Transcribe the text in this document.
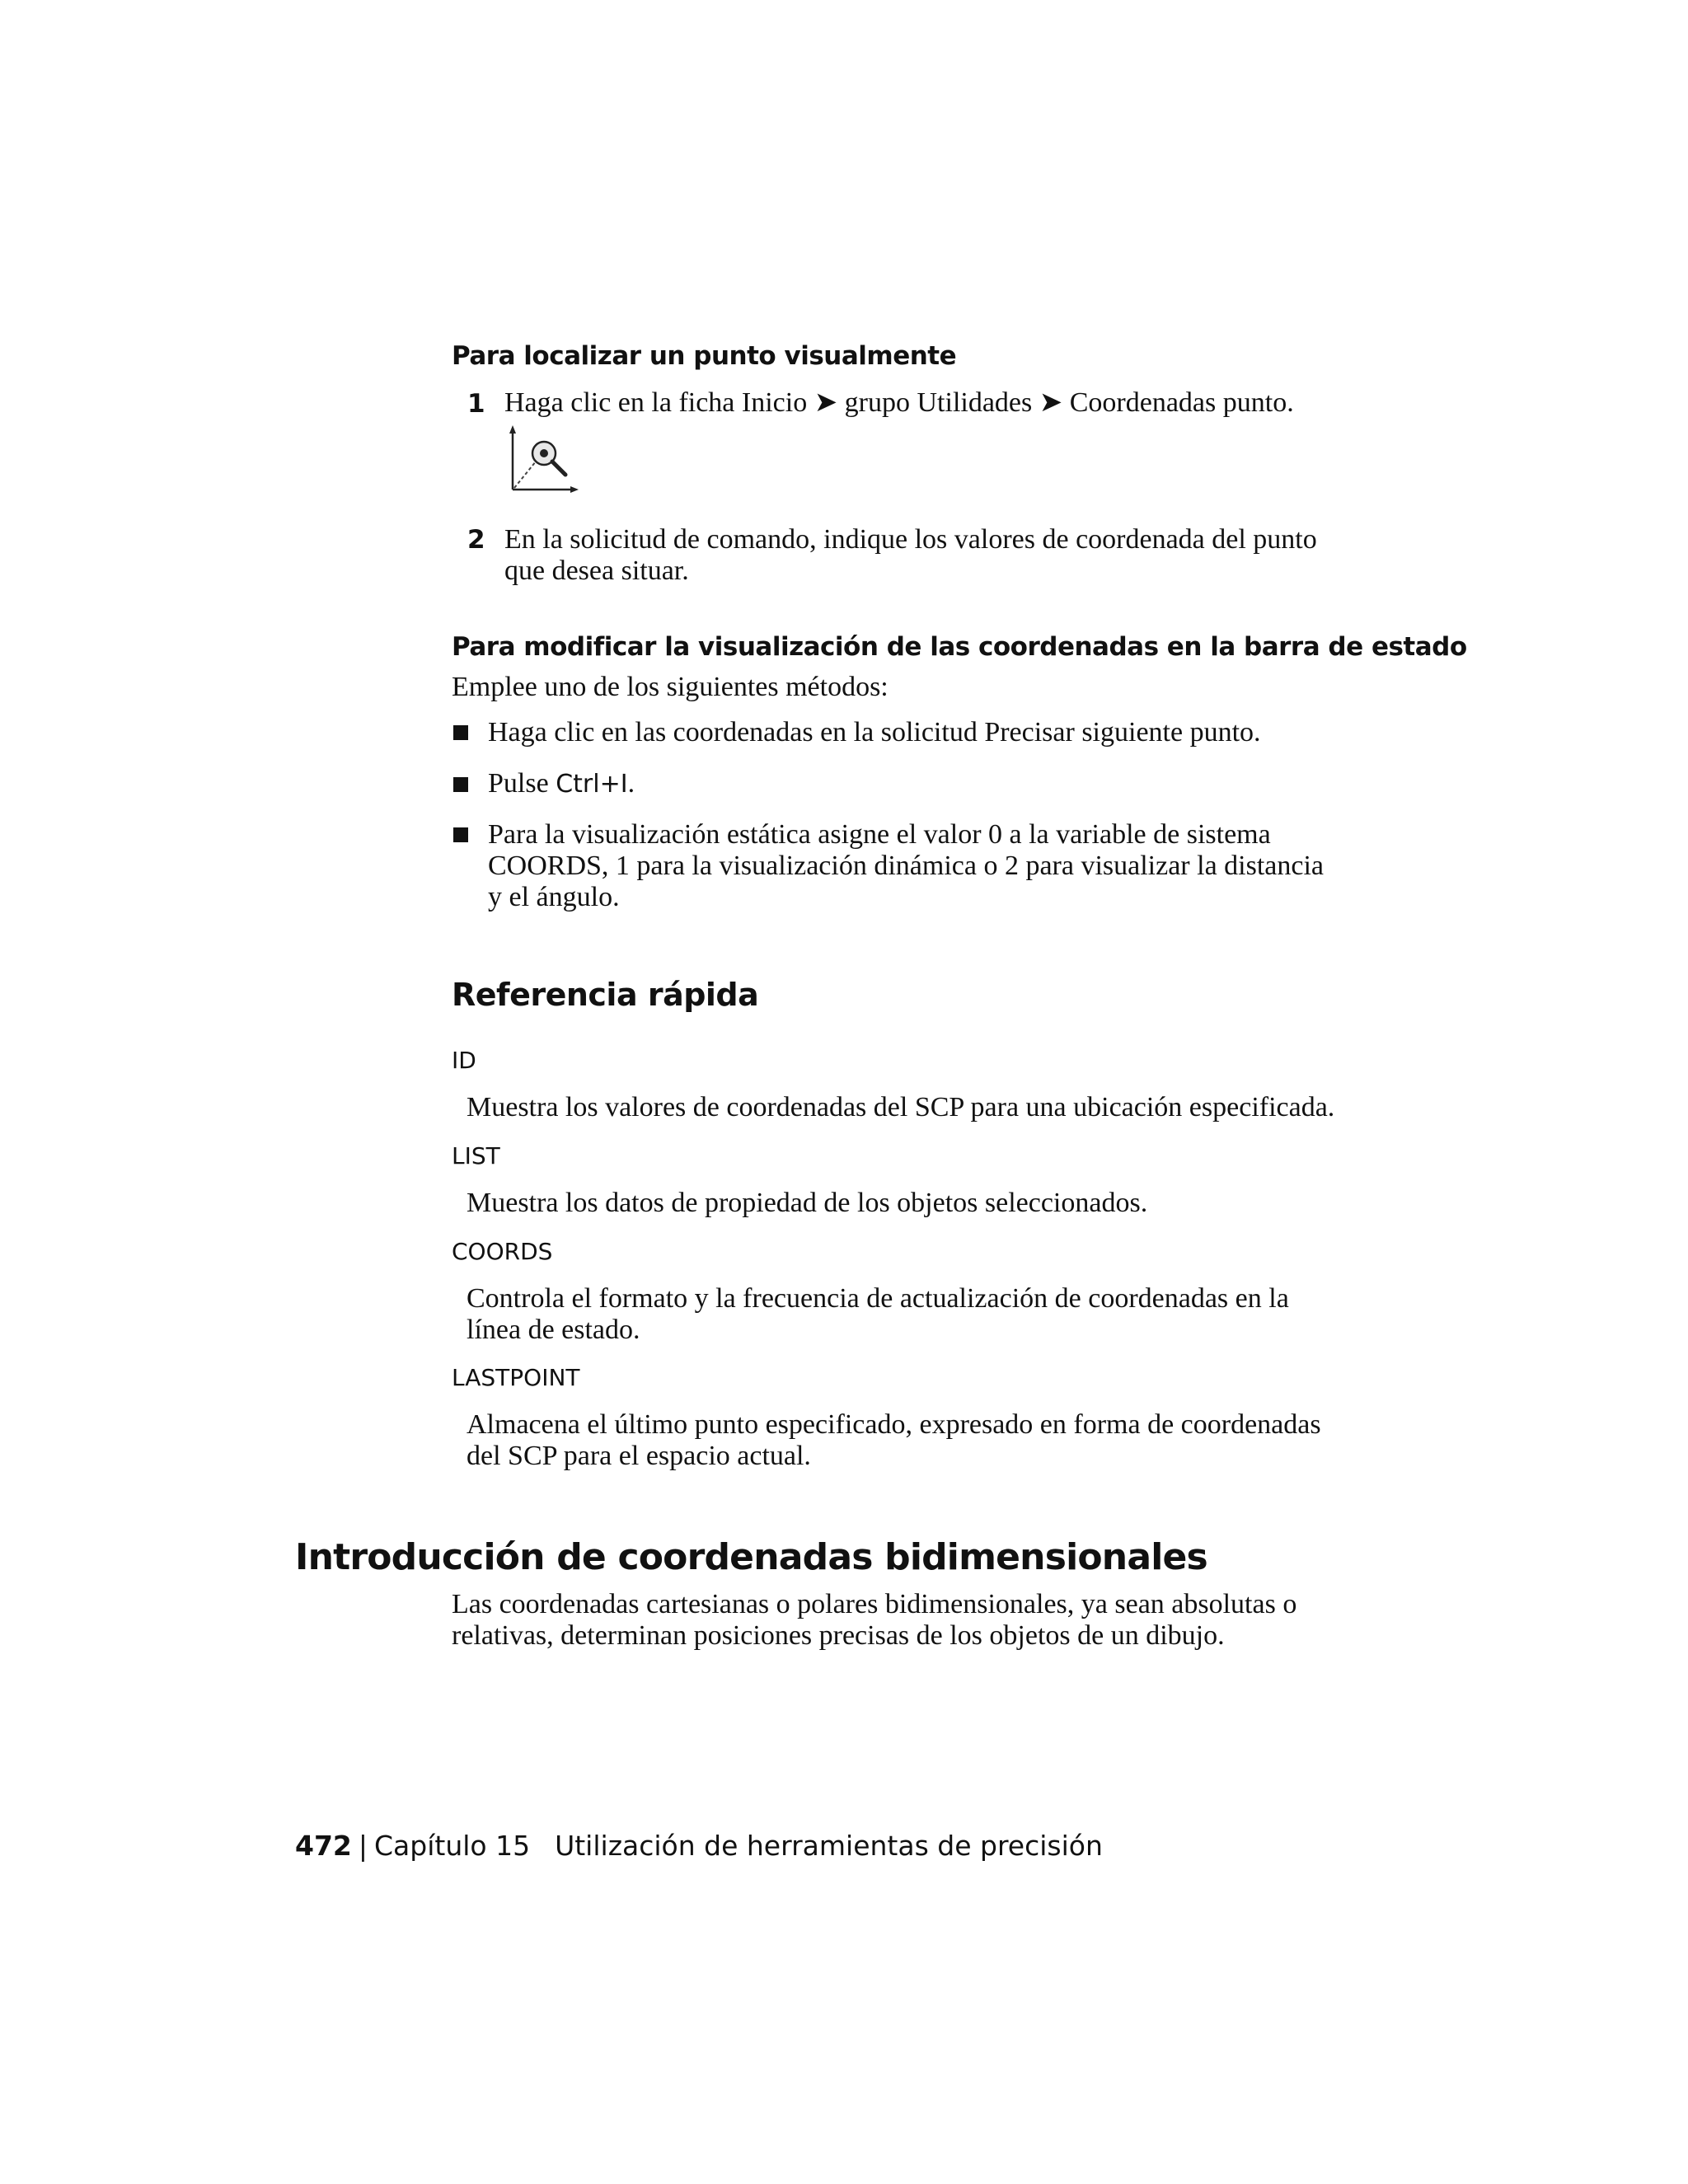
Para localizar un punto visualmente
1 Haga clic en la ficha Inicio ➤ grupo Utilidades ➤ Coordenadas punto.
2 En la solicitud de comando, indique los valores de coordenada del punto
que desea situar.
Para modificar la visualización de las coordenadas en la barra de estado
Emplee uno de los siguientes métodos:
Haga clic en las coordenadas en la solicitud Precisar siguiente punto.
Pulse Ctrl+I.
Para la visualización estática asigne el valor 0 a la variable de sistema
COORDS, 1 para la visualización dinámica o 2 para visualizar la distancia
y el ángulo.
Referencia rápida
ID
Muestra los valores de coordenadas del SCP para una ubicación especificada.
LIST
Muestra los datos de propiedad de los objetos seleccionados.
COORDS
Controla el formato y la frecuencia de actualización de coordenadas en la
línea de estado.
LASTPOINT
Almacena el último punto especificado, expresado en forma de coordenadas
del SCP para el espacio actual.
Introducción de coordenadas bidimensionales
Las coordenadas cartesianas o polares bidimensionales, ya sean absolutas o
relativas, determinan posiciones precisas de los objetos de un dibujo.
472 | Capítulo 15 Utilización de herramientas de precisión
